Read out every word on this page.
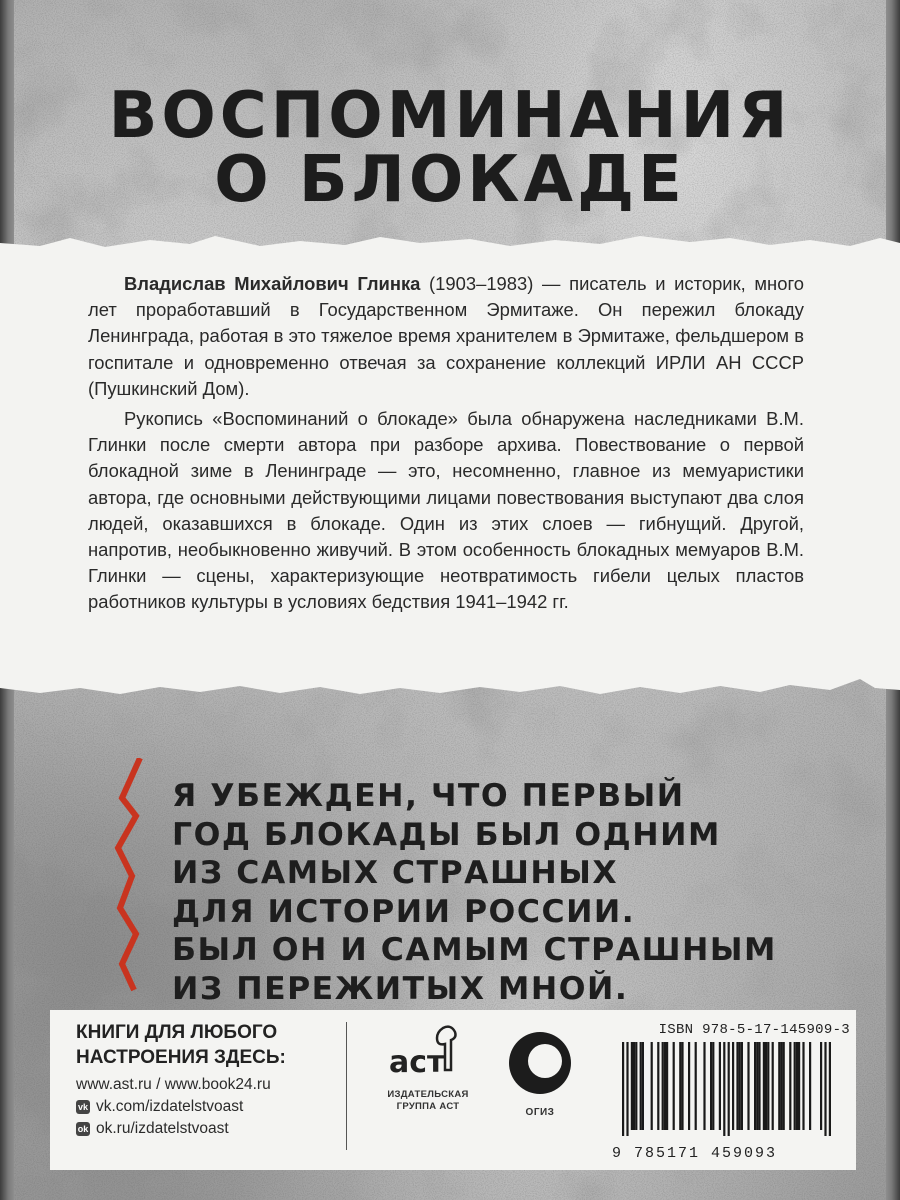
ВОСПОМИНАНИЯ
О БЛОКАДЕ

Владислав Михайлович Глинка (1903–1983) — писатель и историк, много лет проработавший в Государственном Эрмитаже. Он пережил блокаду Ленинграда, работая в это тяжелое время хранителем в Эрмитаже, фельдшером в госпитале и одновременно отвечая за сохранение коллекций ИРЛИ АН СССР (Пушкинский Дом).

Рукопись «Воспоминаний о блокаде» была обнаружена наследниками В.М. Глинки после смерти автора при разборе архива. Повествование о первой блокадной зиме в Ленинграде — это, несомненно, главное из мемуаристики автора, где основными действующими лицами повествования выступают два слоя людей, оказавшихся в блокаде. Один из этих слоев — гибнущий. Другой, напротив, необыкновенно живучий. В этом особенность блокадных мемуаров В.М. Глинки — сцены, характеризующие неотвратимость гибели целых пластов работников культуры в условиях бедствия 1941–1942 гг.

Я УБЕЖДЕН, ЧТО ПЕРВЫЙ
ГОД БЛОКАДЫ БЫЛ ОДНИМ
ИЗ САМЫХ СТРАШНЫХ
ДЛЯ ИСТОРИИ РОССИИ.
БЫЛ ОН И САМЫМ СТРАШНЫМ
ИЗ ПЕРЕЖИТЫХ МНОЙ.
КНИГИ ДЛЯ ЛЮБОГО
НАСТРОЕНИЯ ЗДЕСЬ:
www.ast.ru / www.book24.ru
vk vk.com/izdatelstvoast
ok ok.ru/izdatelstvoast
аст
ИЗДАТЕЛЬСКАЯ
ГРУППА АСТ
ОГИЗ
ISBN 978-5-17-145909-3
9 785171 459093
